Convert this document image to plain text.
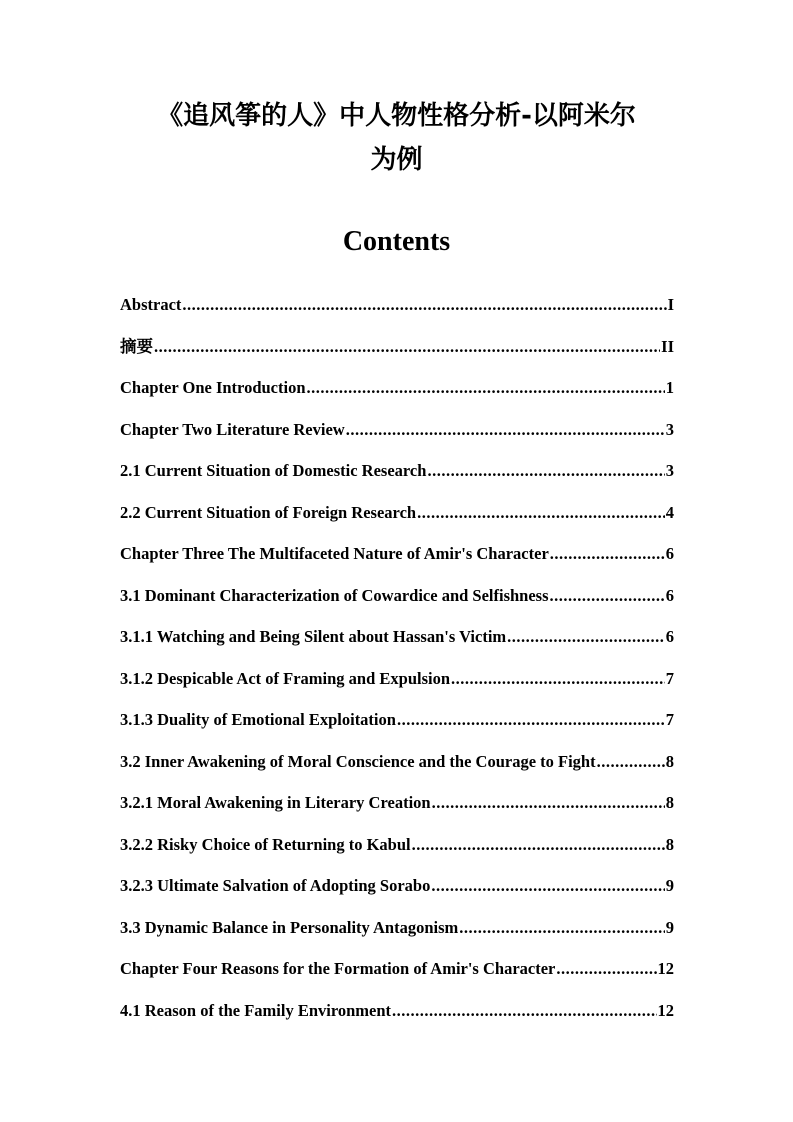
《追风筝的人》中人物性格分析-以阿米尔
为例
Contents
Abstract .....	I
摘要 .....	II
Chapter One Introduction .....	1
Chapter Two Literature Review .....	3
2.1 Current Situation of Domestic Research .....	3
2.2 Current Situation of Foreign Research .....	4
Chapter Three The Multifaceted Nature of Amir's Character .....	6
3.1 Dominant Characterization of Cowardice and Selfishness .....	6
3.1.1 Watching and Being Silent about Hassan's Victim .....	6
3.1.2 Despicable Act of Framing and Expulsion .....	7
3.1.3 Duality of Emotional Exploitation .....	7
3.2 Inner Awakening of Moral Conscience and the Courage to Fight .....	8
3.2.1 Moral Awakening in Literary Creation .....	8
3.2.2 Risky Choice of Returning to Kabul .....	8
3.2.3 Ultimate Salvation of Adopting Sorabo .....	9
3.3 Dynamic Balance in Personality Antagonism .....	9
Chapter Four Reasons for the Formation of Amir's Character .....	12
4.1 Reason of the Family Environment .....	12
